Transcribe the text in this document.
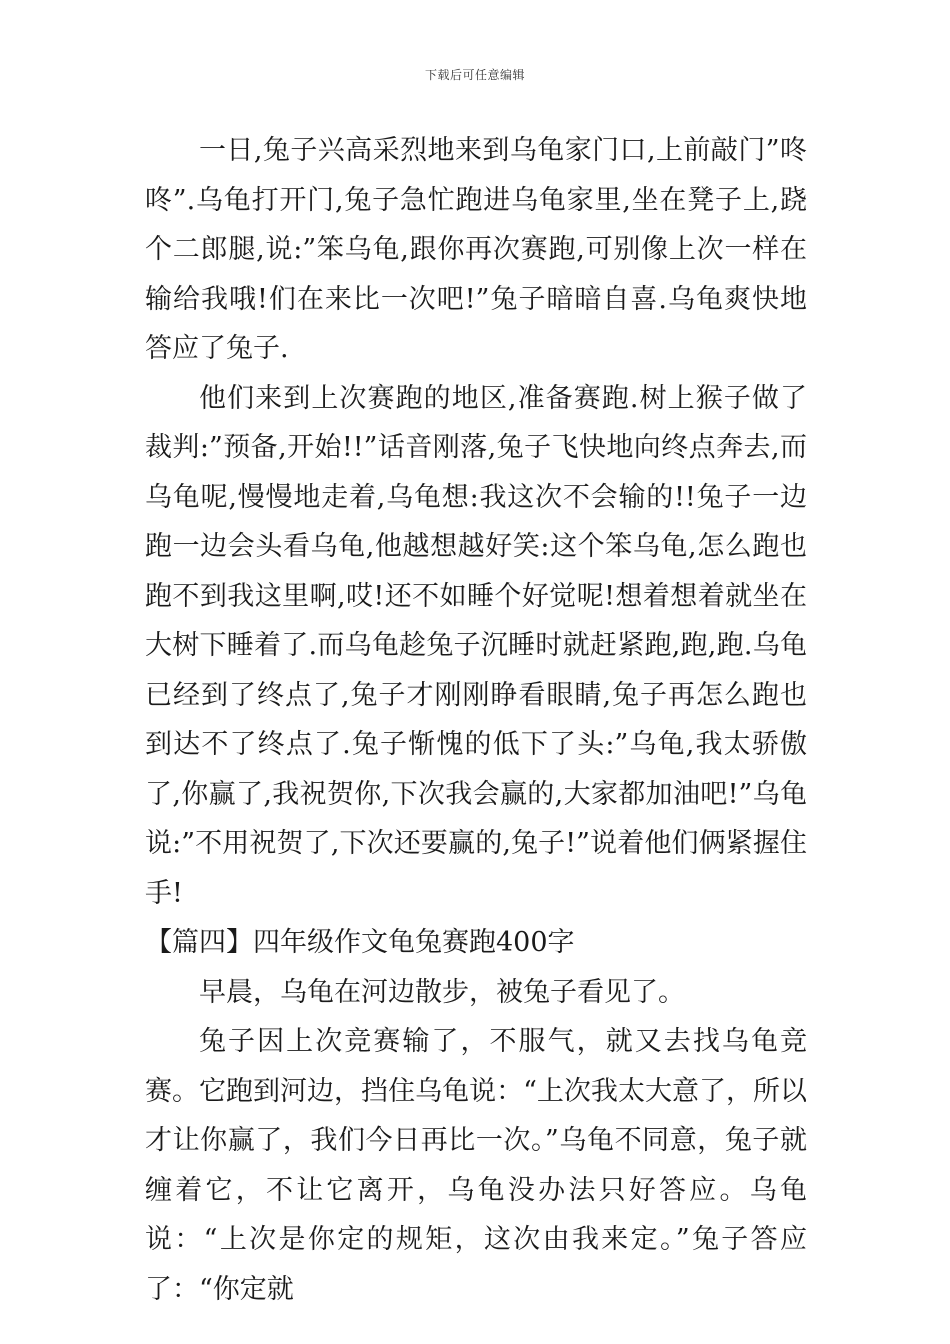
下载后可任意编辑

一日,兔子兴高采烈地来到乌龟家门口,上前敲门”咚咚”.乌龟打开门,兔子急忙跑进乌龟家里,坐在凳子上,跷个二郎腿,说:”笨乌龟,跟你再次赛跑,可别像上次一样在输给我哦!们在来比一次吧!”兔子暗暗自喜.乌龟爽快地答应了兔子.

他们来到上次赛跑的地区,准备赛跑.树上猴子做了裁判:”预备,开始!!”话音刚落,兔子飞快地向终点奔去,而乌龟呢,慢慢地走着,乌龟想:我这次不会输的!!兔子一边跑一边会头看乌龟,他越想越好笑:这个笨乌龟,怎么跑也跑不到我这里啊,哎!还不如睡个好觉呢!想着想着就坐在大树下睡着了.而乌龟趁兔子沉睡时就赶紧跑,跑,跑.乌龟已经到了终点了,兔子才刚刚睁看眼睛,兔子再怎么跑也到达不了终点了.兔子惭愧的低下了头:”乌龟,我太骄傲了,你赢了,我祝贺你,下次我会赢的,大家都加油吧!”乌龟说:”不用祝贺了,下次还要赢的,兔子!”说着他们俩紧握住手!

【篇四】四年级作文龟兔赛跑400字

早晨，乌龟在河边散步，被兔子看见了。

兔子因上次竞赛输了，不服气，就又去找乌龟竞赛。它跑到河边，挡住乌龟说：“上次我太大意了，所以才让你赢了，我们今日再比一次。”乌龟不同意，兔子就缠着它，不让它离开，乌龟没办法只好答应。乌龟说：“上次是你定的规矩，这次由我来定。”兔子答应了：“你定就
